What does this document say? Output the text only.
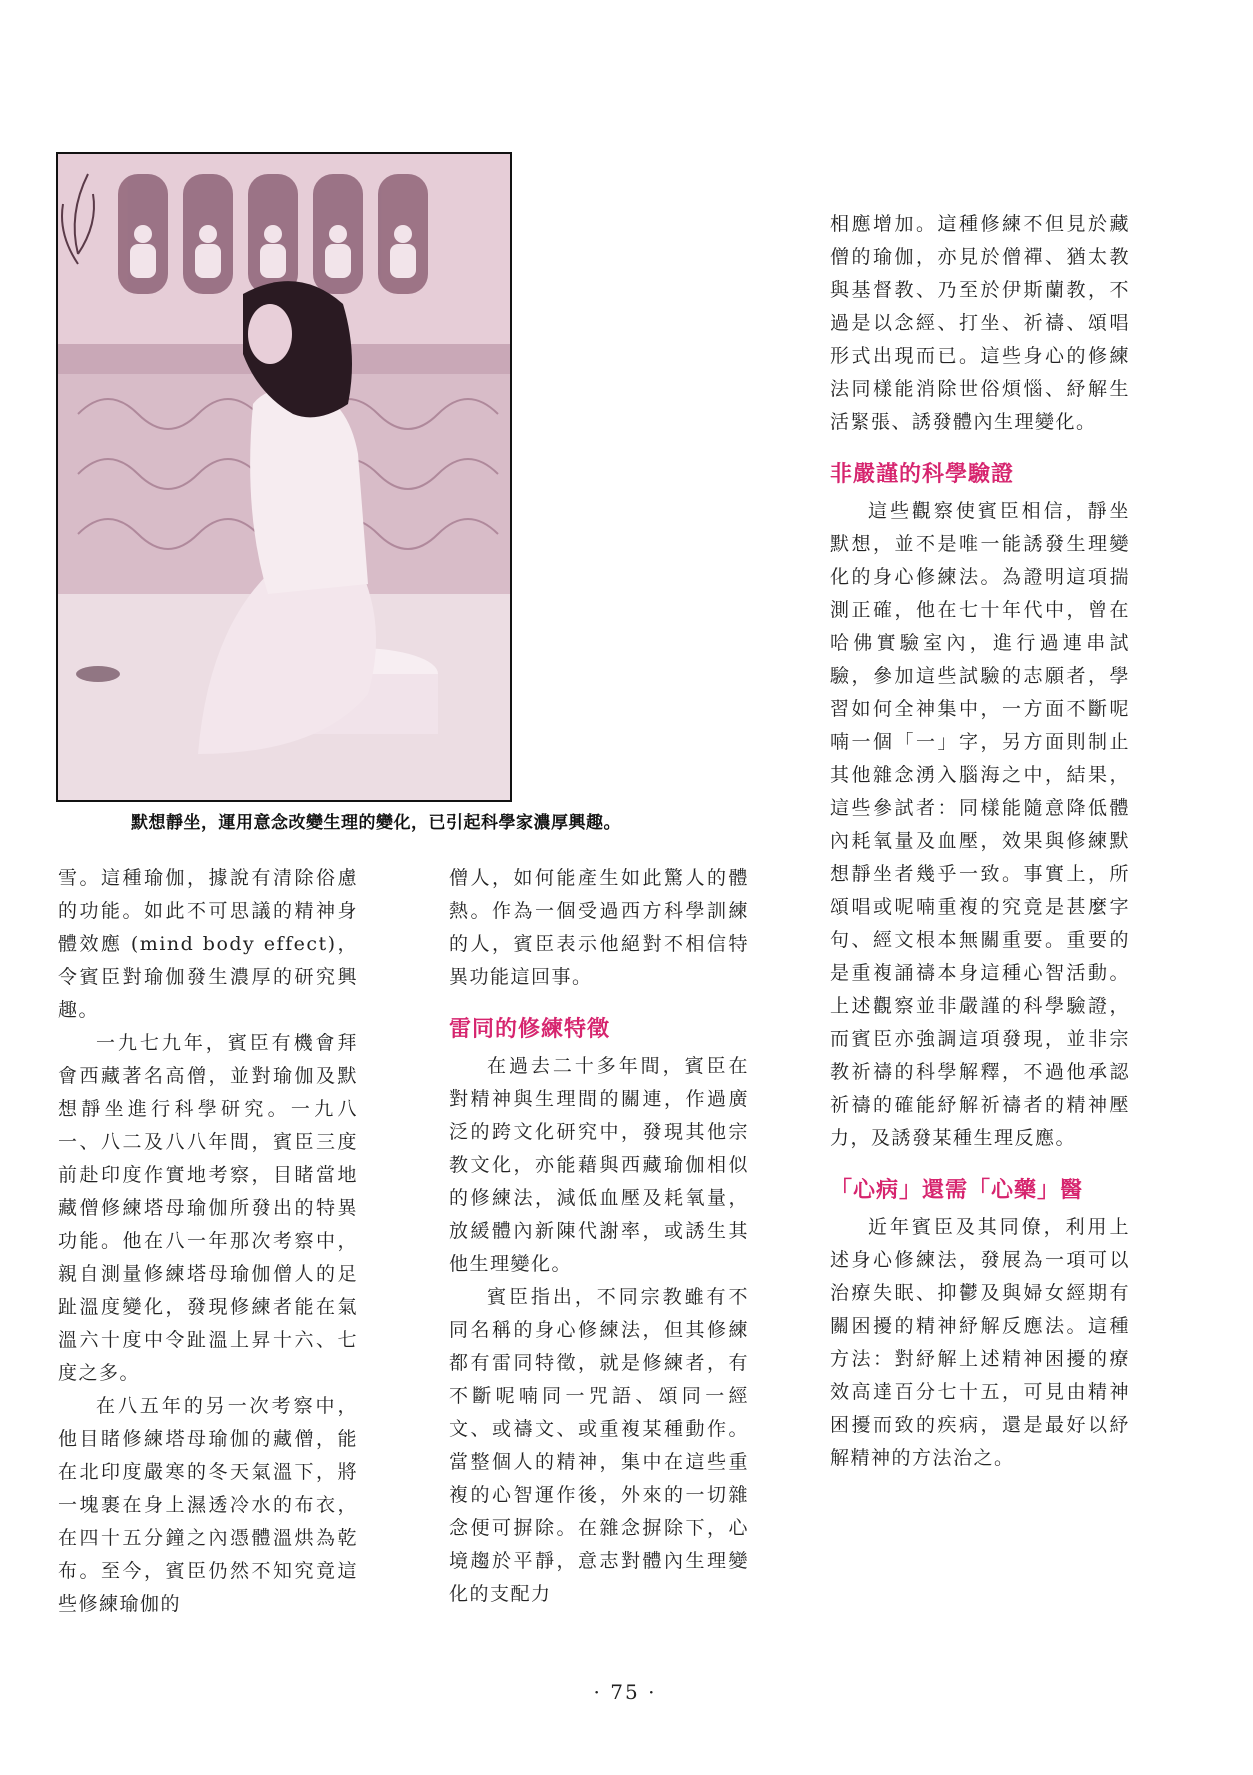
默想靜坐，運用意念改變生理的變化，已引起科學家濃厚興趣。

雪。這種瑜伽，據說有清除俗慮的功能。如此不可思議的精神身體效應 (mind body effect)，令賓臣對瑜伽發生濃厚的研究興趣。

一九七九年，賓臣有機會拜會西藏著名高僧，並對瑜伽及默想靜坐進行科學研究。一九八一、八二及八八年間，賓臣三度前赴印度作實地考察，目睹當地藏僧修練塔母瑜伽所發出的特異功能。他在八一年那次考察中，親自測量修練塔母瑜伽僧人的足趾溫度變化，發現修練者能在氣溫六十度中令趾溫上昇十六、七度之多。

在八五年的另一次考察中，他目睹修練塔母瑜伽的藏僧，能在北印度嚴寒的冬天氣溫下，將一塊裹在身上濕透冷水的布衣，在四十五分鐘之內憑體溫烘為乾布。至今，賓臣仍然不知究竟這些修練瑜伽的

僧人，如何能產生如此驚人的體熱。作為一個受過西方科學訓練的人，賓臣表示他絕對不相信特異功能這回事。

雷同的修練特徵

在過去二十多年間，賓臣在對精神與生理間的關連，作過廣泛的跨文化研究中，發現其他宗教文化，亦能藉與西藏瑜伽相似的修練法，減低血壓及耗氧量，放緩體內新陳代謝率，或誘生其他生理變化。

賓臣指出，不同宗教雖有不同名稱的身心修練法，但其修練都有雷同特徵，就是修練者，有不斷呢喃同一咒語、頌同一經文、或禱文、或重複某種動作。當整個人的精神，集中在這些重複的心智運作後，外來的一切雜念便可摒除。在雜念摒除下，心境趨於平靜，意志對體內生理變化的支配力

相應增加。這種修練不但見於藏僧的瑜伽，亦見於僧禪、猶太教與基督教、乃至於伊斯蘭教，不過是以念經、打坐、祈禱、頌唱形式出現而已。這些身心的修練法同樣能消除世俗煩惱、紓解生活緊張、誘發體內生理變化。

非嚴謹的科學驗證

這些觀察使賓臣相信，靜坐默想，並不是唯一能誘發生理變化的身心修練法。為證明這項揣測正確，他在七十年代中，曾在哈佛實驗室內，進行過連串試驗，參加這些試驗的志願者，學習如何全神集中，一方面不斷呢喃一個「一」字，另方面則制止其他雜念湧入腦海之中，結果，這些參試者：同樣能隨意降低體內耗氧量及血壓，效果與修練默想靜坐者幾乎一致。事實上，所頌唱或呢喃重複的究竟是甚麼字句、經文根本無關重要。重要的是重複誦禱本身這種心智活動。上述觀察並非嚴謹的科學驗證，而賓臣亦強調這項發現，並非宗教祈禱的科學解釋，不過他承認祈禱的確能紓解祈禱者的精神壓力，及誘發某種生理反應。

「心病」還需「心藥」醫

近年賓臣及其同僚，利用上述身心修練法，發展為一項可以治療失眠、抑鬱及與婦女經期有關困擾的精神紓解反應法。這種方法：對紓解上述精神困擾的療效高達百分七十五，可見由精神困擾而致的疾病，還是最好以紓解精神的方法治之。

· 75 ·
